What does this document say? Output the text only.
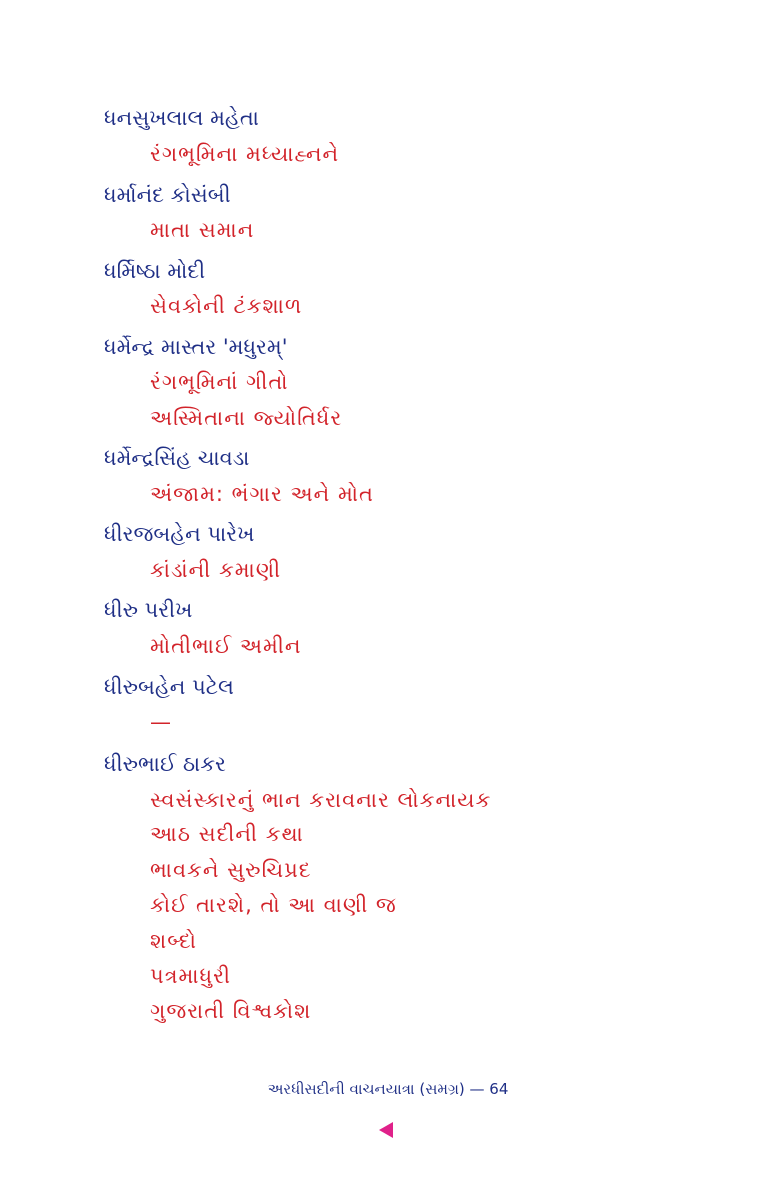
ધનસુખલાલ મહેતા
રંગભૂમિના મધ્યાહ્નને
ધર્માનંદ કોસંબી
માતા સમાન
ધર્મિષ્ઠા મોદી
સેવકોની ટંકશાળ
ધર્મેન્દ્ર માસ્તર 'મધુરમ્'
રંગભૂમિનાં ગીતો
અસ્મિતાના જ્યોતિર્ધર
ધર્મેન્દ્રસિંહ ચાવડા
અંજામ: ભંગાર અને મોત
ધીરજબહેન પારેખ
કાંડાંની કમાણી
ધીરુ પરીખ
મોતીભાઈ અમીન
ધીરુબહેન પટેલ
—
ધીરુભાઈ ઠાકર
સ્વસંસ્કારનું ભાન કરાવનાર લોકનાયક
આઠ સદીની કથા
ભાવકને સુરુચિપ્રદ
કોઈ તારશે, તો આ વાણી જ
શબ્દો
પત્રમાધુરી
ગુજરાતી વિશ્વકોશ
અરધીસદીની વાચનયાત્રા (સમગ્ર) — 64
